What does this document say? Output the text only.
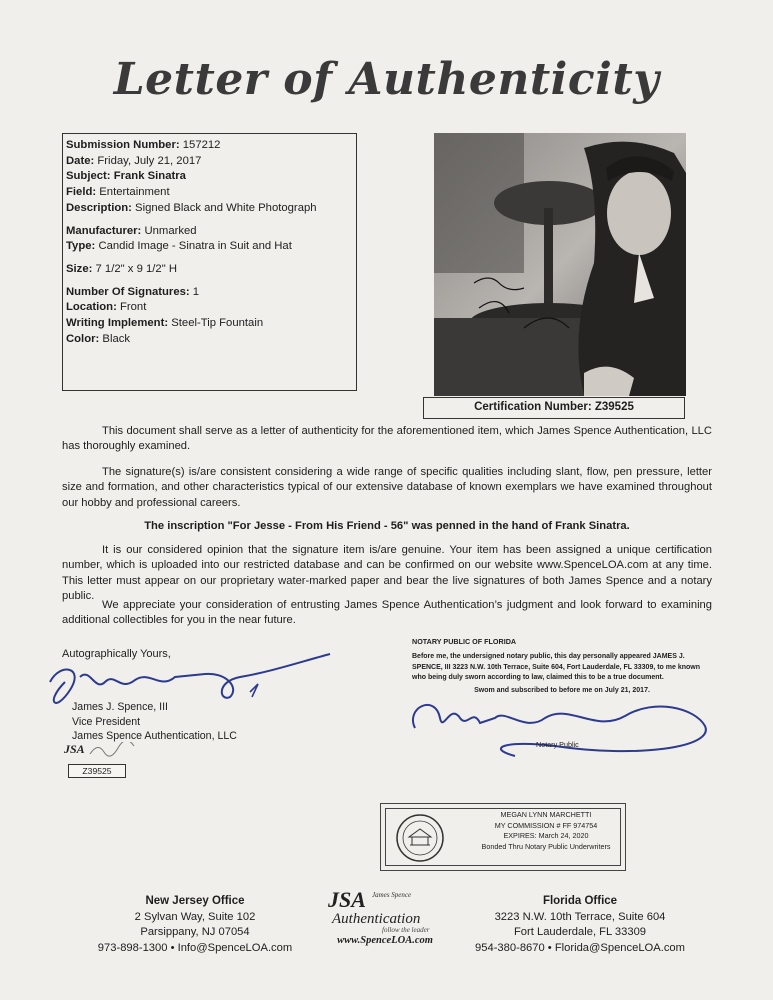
Letter of Authenticity
Submission Number: 157212
Date: Friday, July 21, 2017
Subject: Frank Sinatra
Field: Entertainment
Description: Signed Black and White Photograph
Manufacturer: Unmarked
Type: Candid Image - Sinatra in Suit and Hat
Size: 7 1/2" x 9 1/2" H
Number Of Signatures: 1
Location: Front
Writing Implement: Steel-Tip Fountain
Color: Black
Certification Number: Z39525
This document shall serve as a letter of authenticity for the aforementioned item, which James Spence Authentication, LLC has thoroughly examined.
The signature(s) is/are consistent considering a wide range of specific qualities including slant, flow, pen pressure, letter size and formation, and other characteristics typical of our extensive database of known exemplars we have examined throughout our hobby and professional careers.
The inscription "For Jesse - From His Friend - 56" was penned in the hand of Frank Sinatra.
It is our considered opinion that the signature item is/are genuine. Your item has been assigned a unique certification number, which is uploaded into our restricted database and can be confirmed on our website www.SpenceLOA.com at any time. This letter must appear on our proprietary water-marked paper and bear the live signatures of both James Spence and a notary public.
We appreciate your consideration of entrusting James Spence Authentication’s judgment and look forward to examining additional collectibles for you in the near future.
Autographically Yours,
James J. Spence, III
Vice President
James Spence Authentication, LLC
JSA
Z39525
NOTARY PUBLIC OF FLORIDA
Before me, the undersigned notary public, this day personally appeared JAMES J. SPENCE, III 3223 N.W. 10th Terrace, Suite 604, Fort Lauderdale, FL 33309, to me known who being duly sworn according to law, claimed this to be a true document.
Swom and subscribed to before me on July 21, 2017.
Notary Public
MEGAN LYNN MARCHETTI
MY COMMISSION # FF 974754
EXPIRES: March 24, 2020
Bonded Thru Notary Public Underwriters
New Jersey Office
2 Sylvan Way, Suite 102
Parsippany, NJ 07054
973-898-1300 • Info@SpenceLOA.com
JSA James Spence
Authentication
follow the leader
www.SpenceLOA.com
Florida Office
3223 N.W. 10th Terrace, Suite 604
Fort Lauderdale, FL 33309
954-380-8670 • Florida@SpenceLOA.com
